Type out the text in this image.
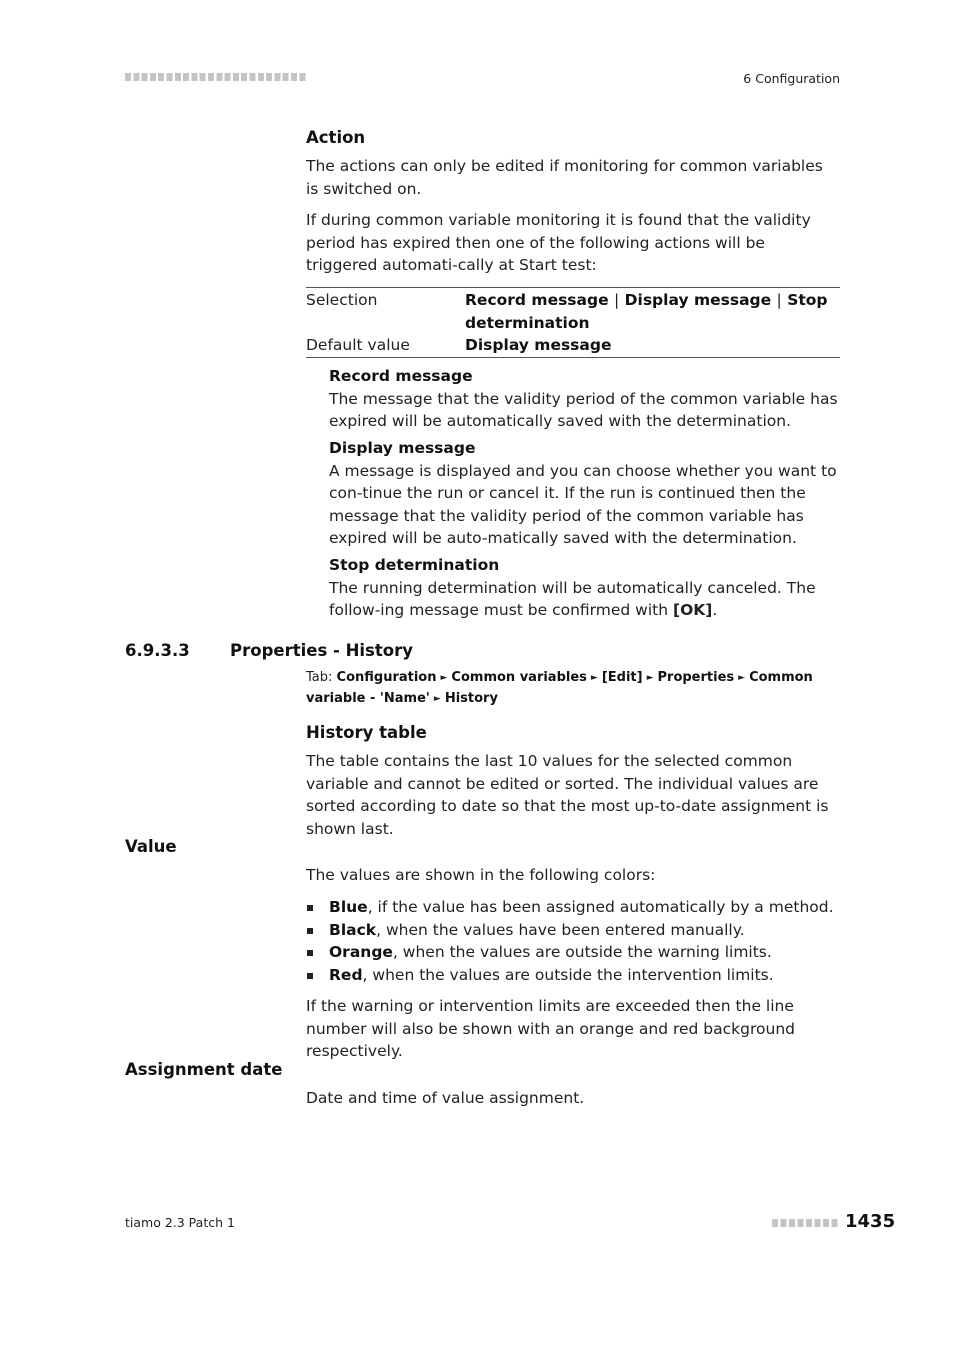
6 Configuration
Action

The actions can only be edited if monitoring for common variables is switched on.

If during common variable monitoring it is found that the validity period has expired then one of the following actions will be triggered automati-cally at Start test:

Selection	Record message | Display message | Stop determination
Default value	Display message
Record message

The message that the validity period of the common variable has expired will be automatically saved with the determination.

Display message

A message is displayed and you can choose whether you want to con-tinue the run or cancel it. If the run is continued then the message that the validity period of the common variable has expired will be auto-matically saved with the determination.

Stop determination

The running determination will be automatically canceled. The follow-ing message must be confirmed with [OK].

6.9.3.3 Properties - History
Tab: Configuration ► Common variables ► [Edit] ► Properties ► Common variable - 'Name' ► History
History table

The table contains the last 10 values for the selected common variable and cannot be edited or sorted. The individual values are sorted according to date so that the most up-to-date assignment is shown last.

Value

The values are shown in the following colors:

Blue, if the value has been assigned automatically by a method.
Black, when the values have been entered manually.
Orange, when the values are outside the warning limits.
Red, when the values are outside the intervention limits.

If the warning or intervention limits are exceeded then the line number will also be shown with an orange and red background respectively.

Assignment date

Date and time of value assignment.

tiamo 2.3 Patch 1	1435
